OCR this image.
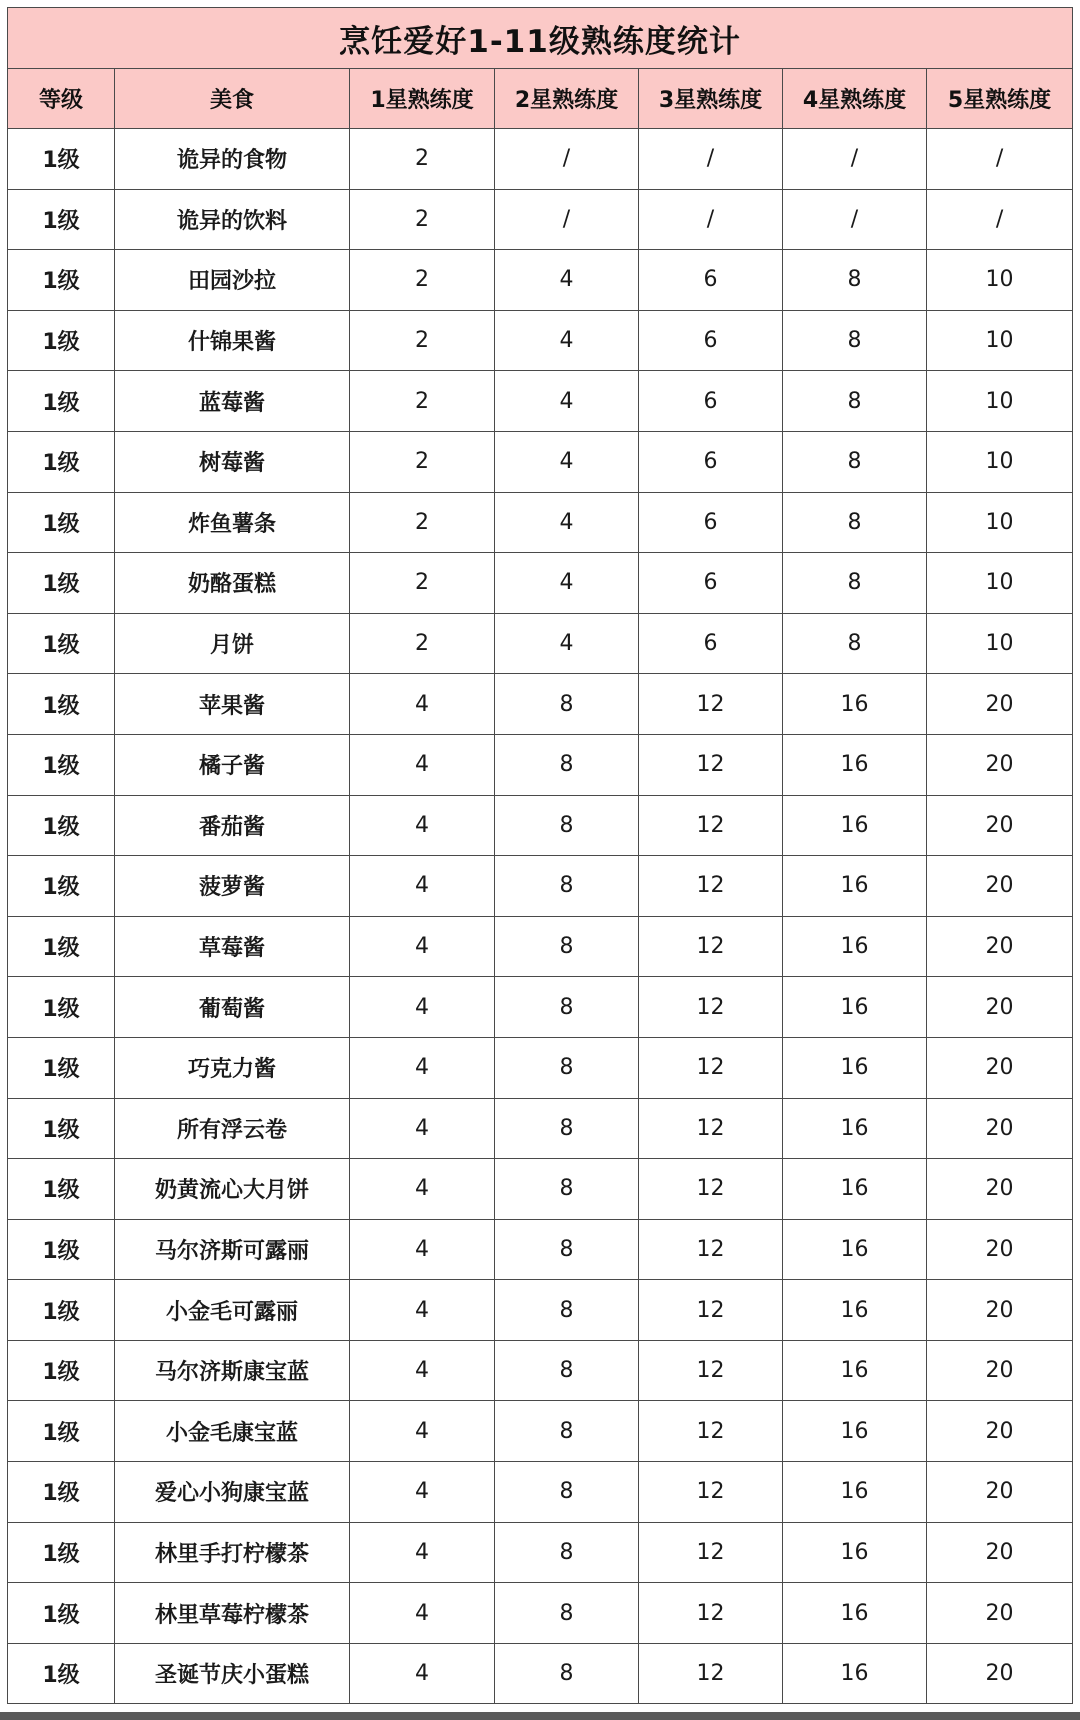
烹饪爱好1-11级熟练度统计						
等级	美食	1星熟练度	2星熟练度	3星熟练度	4星熟练度	5星熟练度
1级	诡异的食物	2	/	/	/	/
1级	诡异的饮料	2	/	/	/	/
1级	田园沙拉	2	4	6	8	10
1级	什锦果酱	2	4	6	8	10
1级	蓝莓酱	2	4	6	8	10
1级	树莓酱	2	4	6	8	10
1级	炸鱼薯条	2	4	6	8	10
1级	奶酪蛋糕	2	4	6	8	10
1级	月饼	2	4	6	8	10
1级	苹果酱	4	8	12	16	20
1级	橘子酱	4	8	12	16	20
1级	番茄酱	4	8	12	16	20
1级	菠萝酱	4	8	12	16	20
1级	草莓酱	4	8	12	16	20
1级	葡萄酱	4	8	12	16	20
1级	巧克力酱	4	8	12	16	20
1级	所有浮云卷	4	8	12	16	20
1级	奶黄流心大月饼	4	8	12	16	20
1级	马尔济斯可露丽	4	8	12	16	20
1级	小金毛可露丽	4	8	12	16	20
1级	马尔济斯康宝蓝	4	8	12	16	20
1级	小金毛康宝蓝	4	8	12	16	20
1级	爱心小狗康宝蓝	4	8	12	16	20
1级	林里手打柠檬茶	4	8	12	16	20
1级	林里草莓柠檬茶	4	8	12	16	20
1级	圣诞节庆小蛋糕	4	8	12	16	20
